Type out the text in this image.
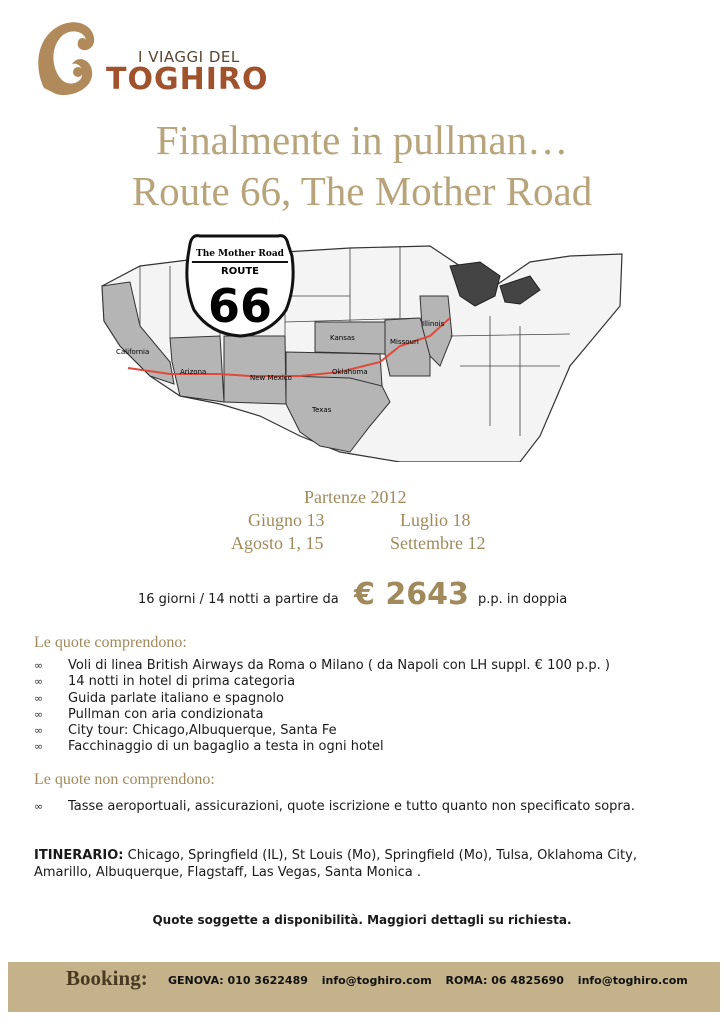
I VIAGGI DEL
TOGHIRO
Finalmente in pullman…
Route 66, The Mother Road
California
Arizona
New Mexico
Texas
Oklahoma
Kansas	Missouri
Illinois
The Mother Road
ROUTE
66
Partenze 2012
Giugno 13	Luglio 18
Agosto 1, 15	Settembre 12
16 giorni / 14 notti a partire da € 2643 p.p. in doppia
Le quote comprendono:
∞ Voli di linea British Airways da Roma o Milano ( da Napoli con LH suppl. € 100 p.p. )
∞ 14 notti in hotel di prima categoria
∞ Guida parlate italiano e spagnolo
∞ Pullman con aria condizionata
∞ City tour: Chicago,Albuquerque, Santa Fe
∞ Facchinaggio di un bagaglio a testa in ogni hotel
Le quote non comprendono:
∞ Tasse aeroportuali, assicurazioni, quote iscrizione e tutto quanto non specificato sopra.
ITINERARIO: Chicago, Springfield (IL), St Louis (Mo), Springfield (Mo), Tulsa, Oklahoma City, Amarillo, Albuquerque, Flagstaff, Las Vegas, Santa Monica .
Quote soggette a disponibilità. Maggiori dettagli su richiesta.
Booking: GENOVA: 010 3622489 info@toghiro.com ROMA: 06 4825690 info@toghiro.com
